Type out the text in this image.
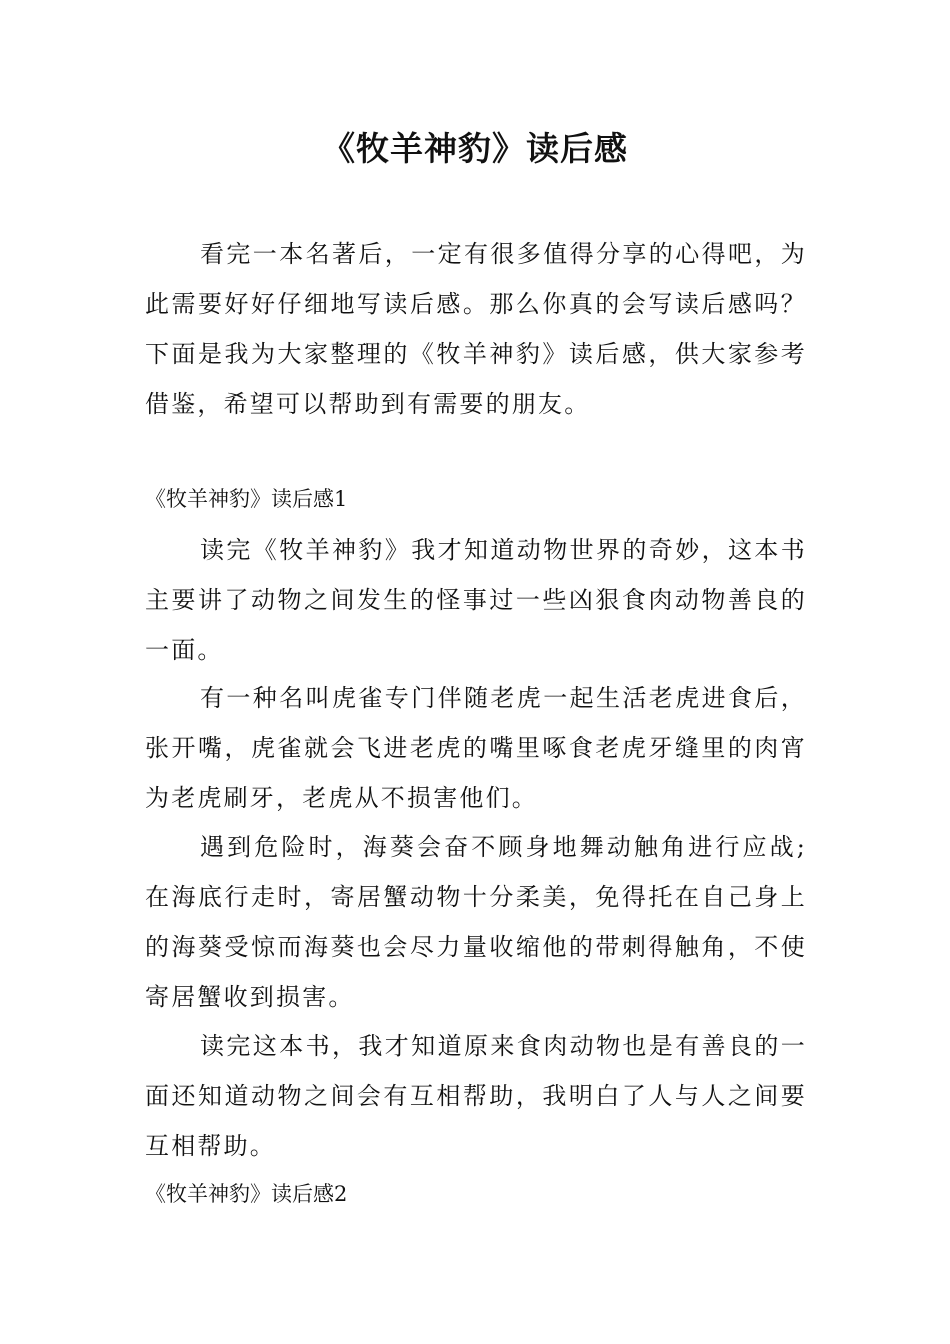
《牧羊神豹》读后感

看完一本名著后，一定有很多值得分享的心得吧，为此需要好好仔细地写读后感。那么你真的会写读后感吗？下面是我为大家整理的《牧羊神豹》读后感，供大家参考借鉴，希望可以帮助到有需要的朋友。

《牧羊神豹》读后感1

读完《牧羊神豹》我才知道动物世界的奇妙，这本书主要讲了动物之间发生的怪事过一些凶狠食肉动物善良的一面。

有一种名叫虎雀专门伴随老虎一起生活老虎进食后，张开嘴，虎雀就会飞进老虎的嘴里啄食老虎牙缝里的肉宵为老虎刷牙，老虎从不损害他们。

遇到危险时，海葵会奋不顾身地舞动触角进行应战;在海底行走时，寄居蟹动物十分柔美，免得托在自己身上的海葵受惊而海葵也会尽力量收缩他的带刺得触角，不使寄居蟹收到损害。

读完这本书，我才知道原来食肉动物也是有善良的一面还知道动物之间会有互相帮助，我明白了人与人之间要互相帮助。

《牧羊神豹》读后感2
